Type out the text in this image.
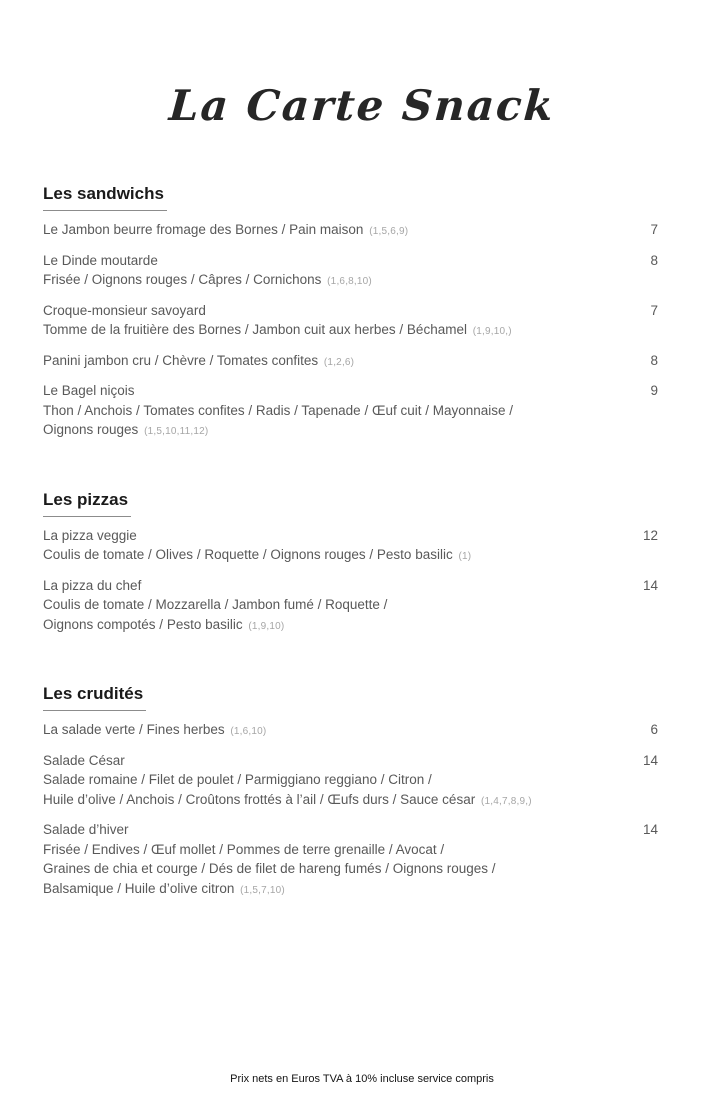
La Carte Snack
Les sandwichs
Le Jambon beurre fromage des Bornes / Pain maison (1,5,6,9)	7
Le Dinde moutarde	8
Frisée / Oignons rouges / Câpres / Cornichons (1,6,8,10)
Croque-monsieur savoyard	7
Tomme de la fruitière des Bornes / Jambon cuit aux herbes / Béchamel (1,9,10,)
Panini jambon cru / Chèvre / Tomates confites (1,2,6)	8
Le Bagel niçois	9
Thon / Anchois / Tomates confites / Radis / Tapenade / Œuf cuit / Mayonnaise /
Oignons rouges (1,5,10,11,12)
Les pizzas
La pizza veggie	12
Coulis de tomate / Olives / Roquette / Oignons rouges / Pesto basilic (1)
La pizza du chef	14
Coulis de tomate / Mozzarella / Jambon fumé / Roquette /
Oignons compotés / Pesto basilic (1,9,10)
Les crudités
La salade verte / Fines herbes (1,6,10)	6
Salade César	14
Salade romaine / Filet de poulet / Parmiggiano reggiano / Citron /
Huile d’olive / Anchois / Croûtons frottés à l’ail / Œufs durs / Sauce césar (1,4,7,8,9,)
Salade d’hiver	14
Frisée / Endives / Œuf mollet / Pommes de terre grenaille / Avocat /
Graines de chia et courge / Dés de filet de hareng fumés / Oignons rouges /
Balsamique / Huile d’olive citron (1,5,7,10)
Prix nets en Euros TVA à 10% incluse service compris
